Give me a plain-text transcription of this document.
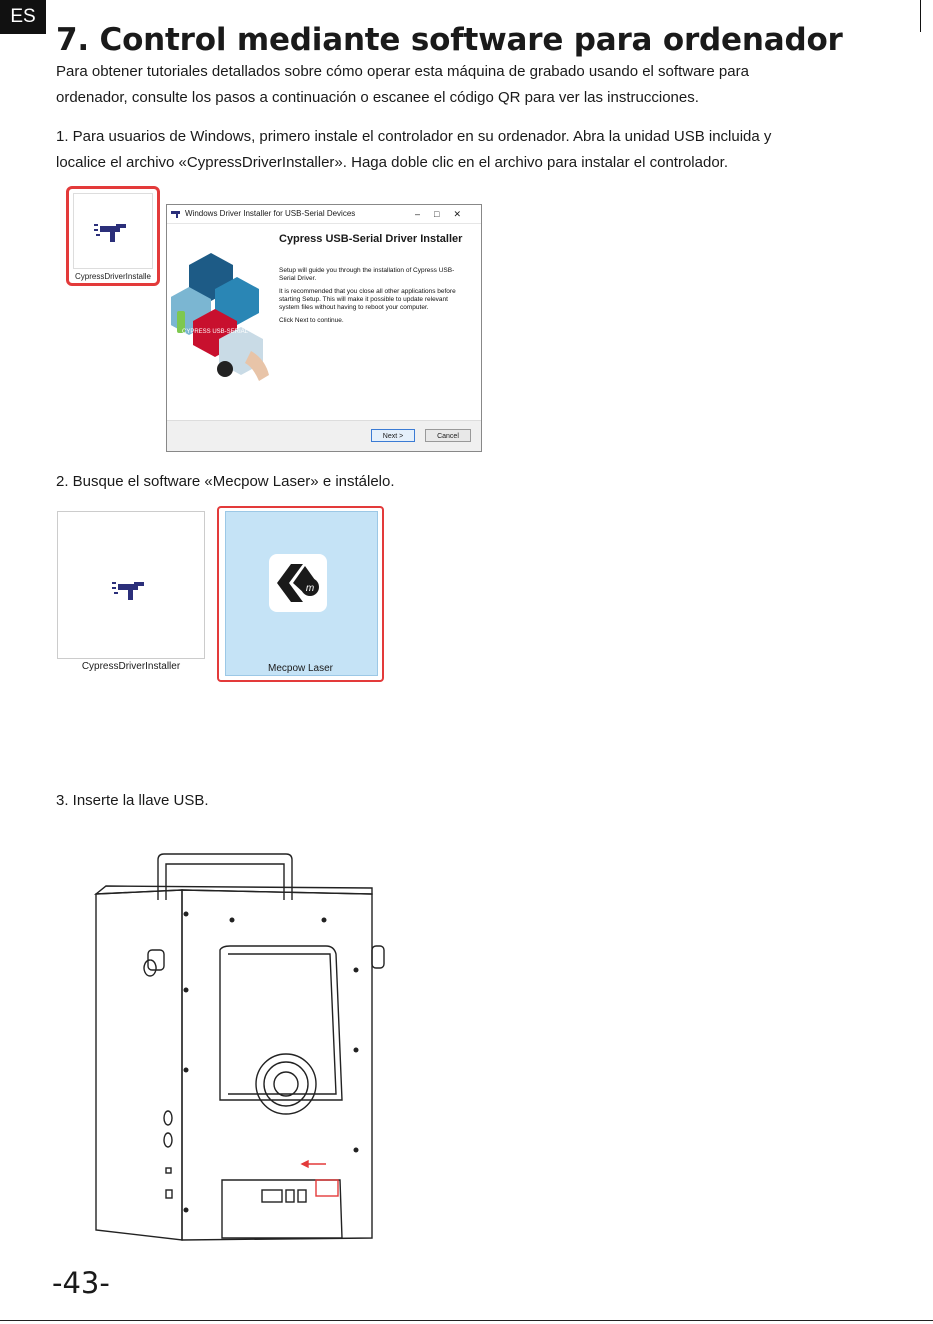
ES
7. Control mediante software para ordenador
Para obtener tutoriales detallados sobre cómo operar esta máquina de grabado usando el software para
ordenador, consulte los pasos a continuación o escanee el código QR para ver las instrucciones.
1. Para usuarios de Windows, primero instale el controlador en su ordenador. Abra la unidad USB incluida y
localice el archivo «CypressDriverInstaller». Haga doble clic en el archivo para instalar el controlador.
CypressDriverInstalle
Windows Driver Installer for USB-Serial Devices	–□✕
CYPRESS USB-SERIAL
Cypress USB-Serial Driver Installer

Setup will guide you through the installation of Cypress USB-Serial Driver.

It is recommended that you close all other applications before starting Setup. This will make it possible to update relevant system files without having to reboot your computer.

Click Next to continue.

Next >	Cancel
2. Busque el software «Mecpow Laser» e instálelo.
CypressDriverInstaller
m
Mecpow Laser
3. Inserte la llave USB.
-43-
